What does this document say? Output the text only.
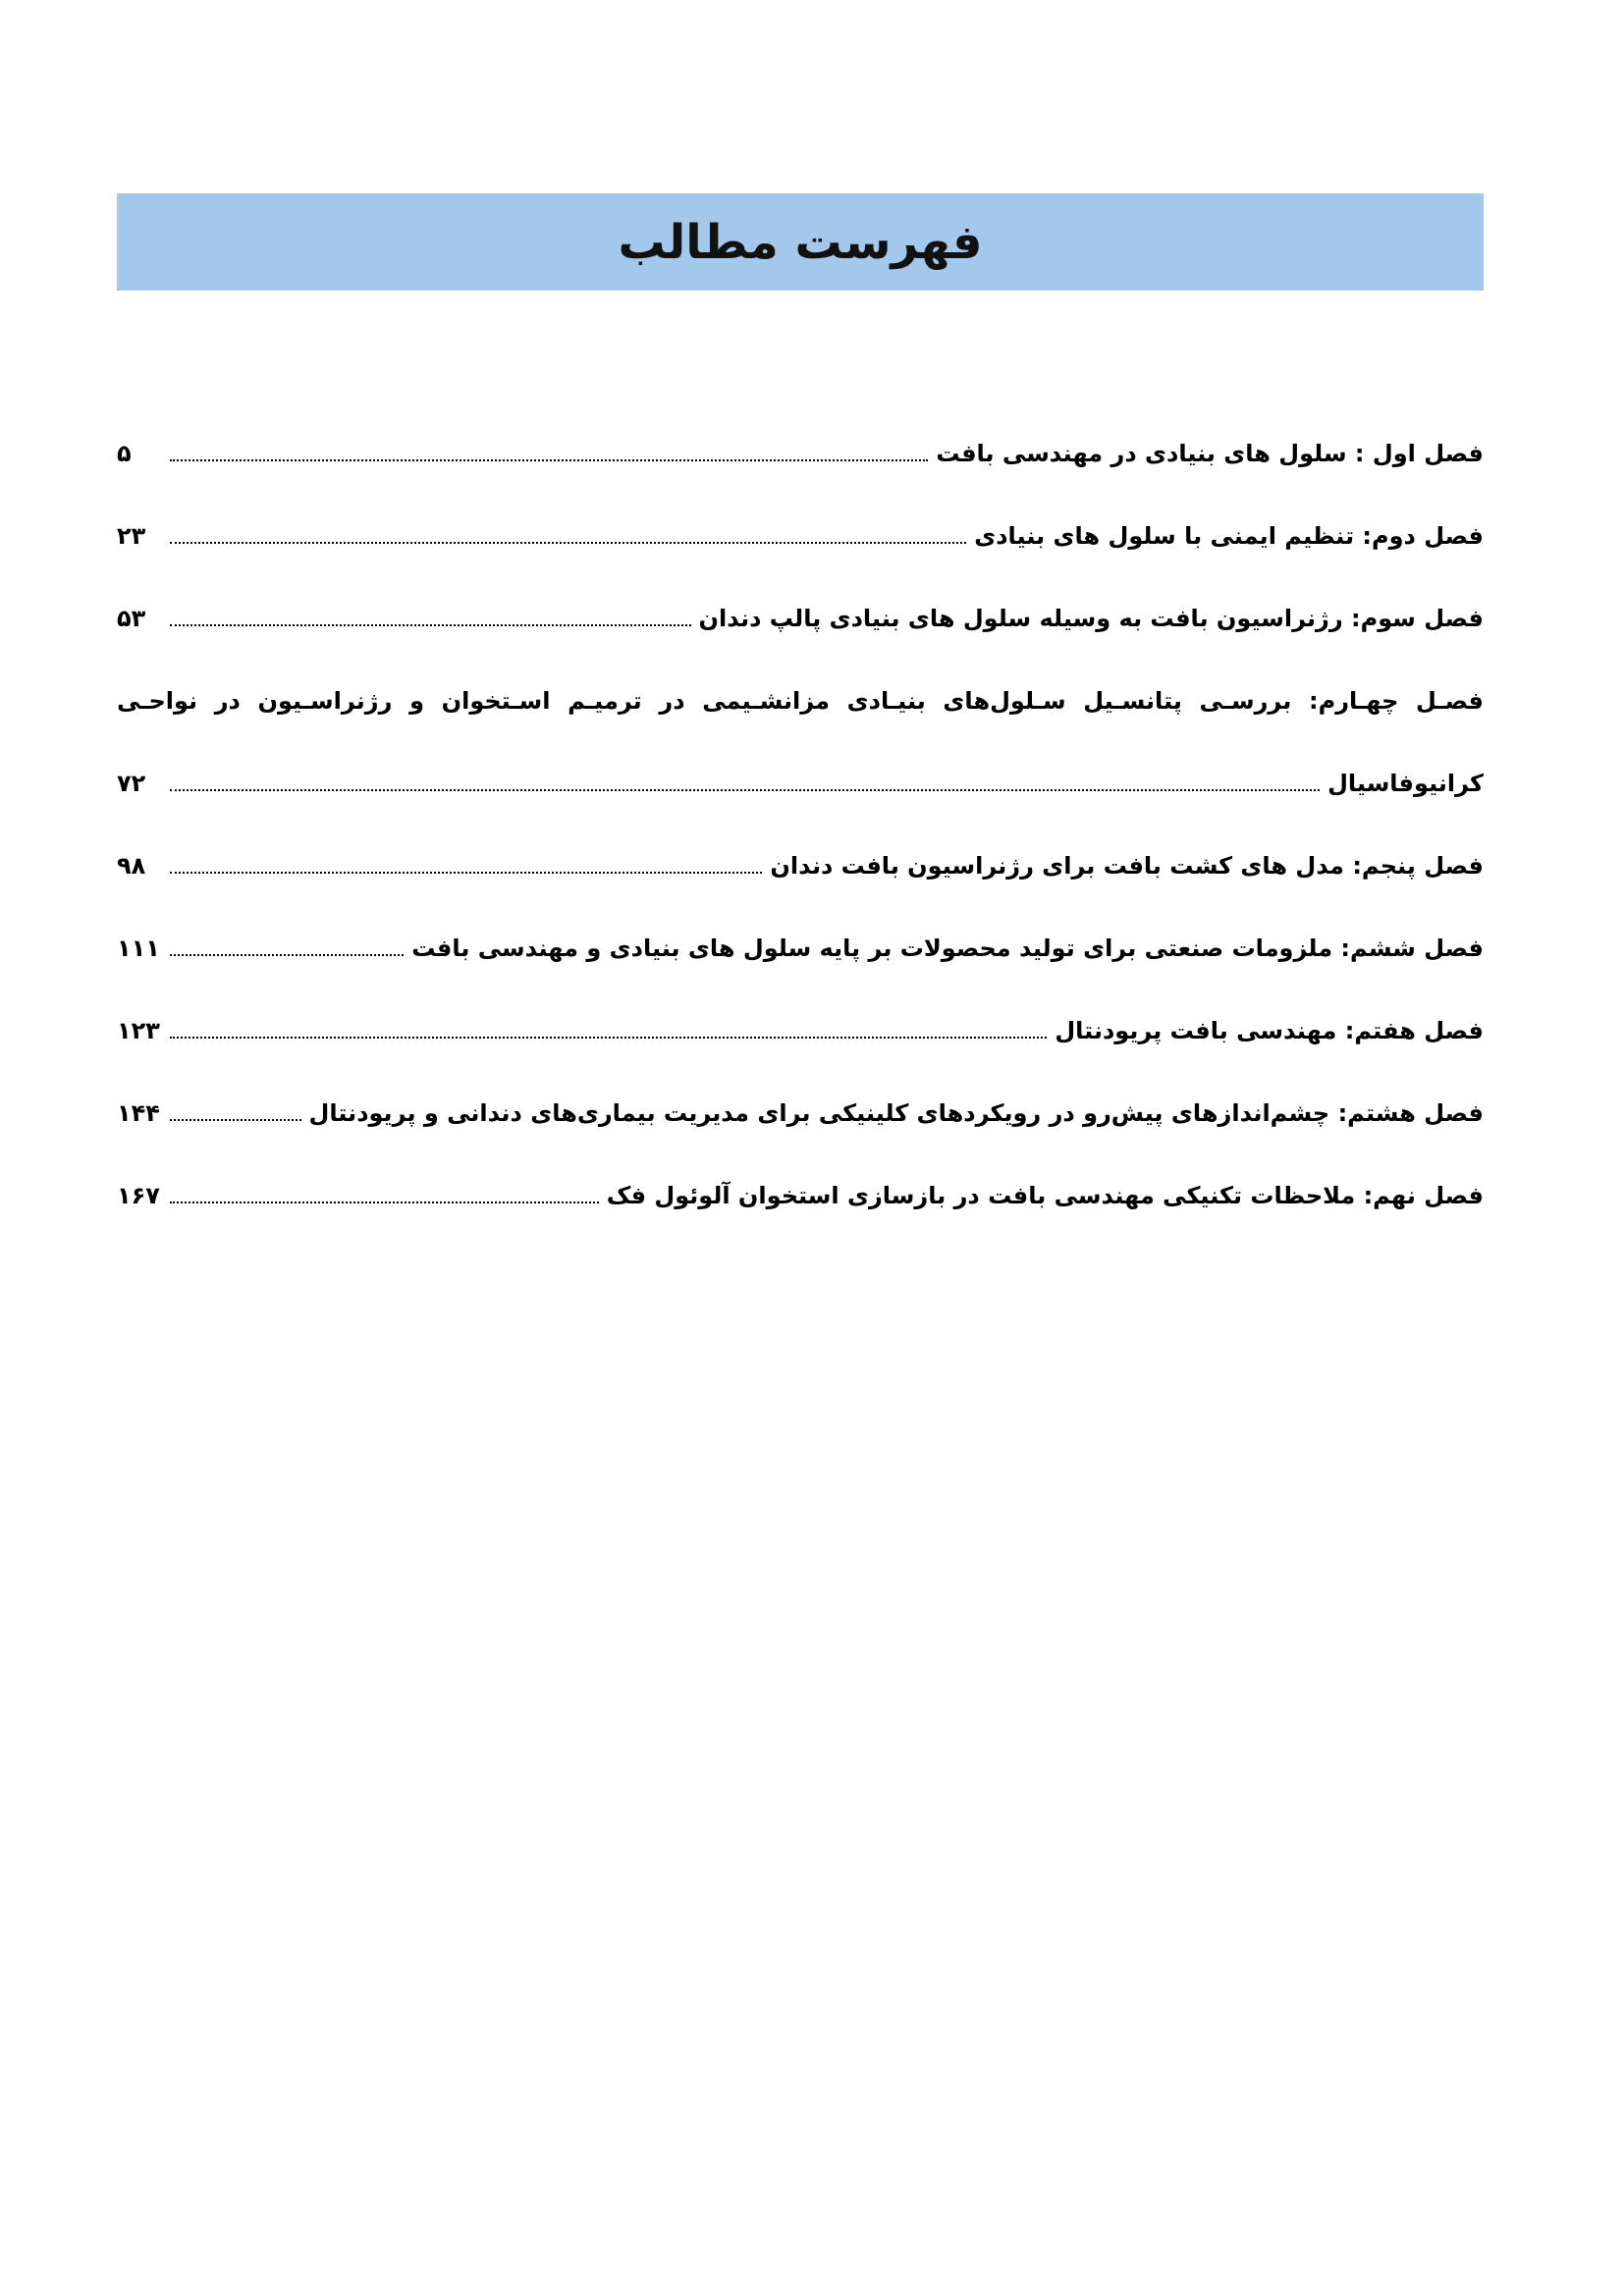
فهرست مطالب
فصل اول : سلول های بنیادی در مهندسی بافت
۵
فصل دوم: تنظیم ایمنی با سلول های بنیادی
۲۳
فصل سوم: رژنراسیون بافت به وسیله سلول های بنیادی پالپ دندان
۵۳
فصـل چهـارم: بررسـی پتانسـیل سـلول‌های بنیـادی مزانشـیمی در ترمیـم اسـتخوان و رژنراسـیون در نواحـی
کرانیوفاسیال
۷۲
فصل پنجم: مدل های کشت بافت برای رژنراسیون بافت دندان
۹۸
فصل ششم: ملزومات صنعتی برای تولید محصولات بر پایه سلول های بنیادی و مهندسی بافت
۱۱۱
فصل هفتم: مهندسی بافت پریودنتال
۱۲۳
فصل هشتم: چشم‌اندازهای پیش‌رو در رویکردهای کلینیکی برای مدیریت بیماری‌های دندانی و پریودنتال
۱۴۴
فصل نهم: ملاحظات تکنیکی مهندسی بافت در بازسازی استخوان آلوئول فک
۱۶۷
